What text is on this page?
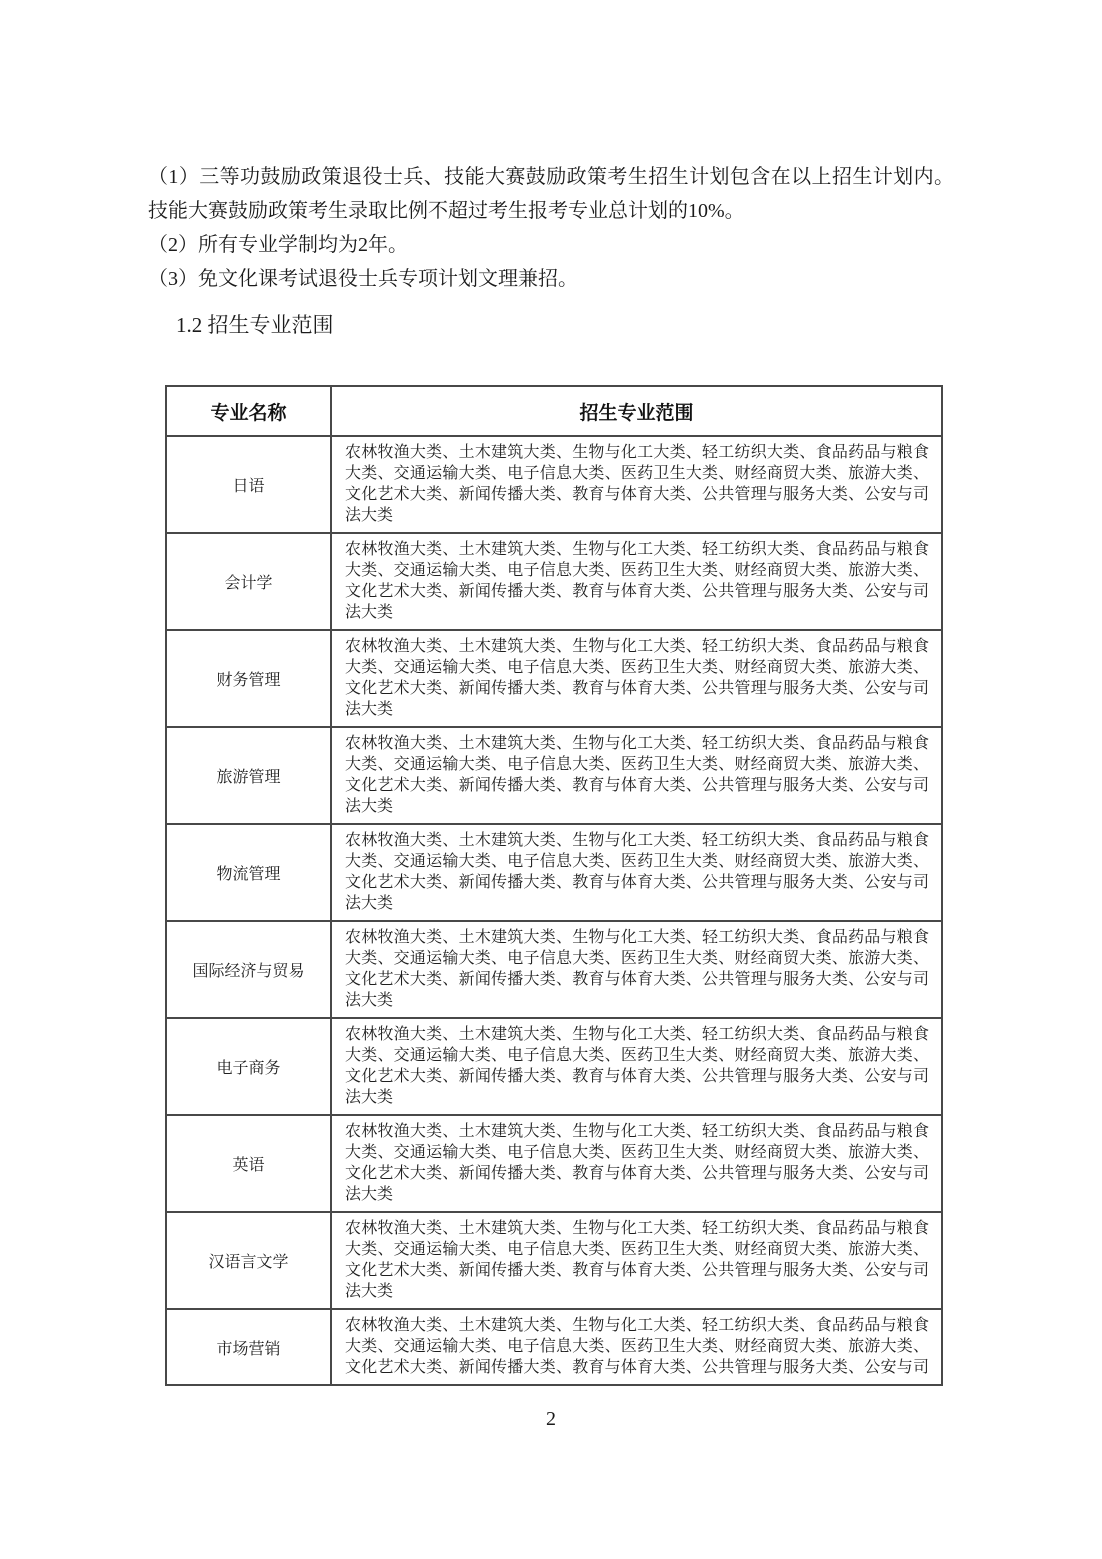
（1）三等功鼓励政策退役士兵、技能大赛鼓励政策考生招生计划包含在以上招生计划内。技能大赛鼓励政策考生录取比例不超过考生报考专业总计划的10%。

（2）所有专业学制均为2年。

（3）免文化课考试退役士兵专项计划文理兼招。

1.2 招生专业范围
专业名称	招生专业范围
日语	农林牧渔大类、土木建筑大类、生物与化工大类、轻工纺织大类、食品药品与粮食
大类、交通运输大类、电子信息大类、医药卫生大类、财经商贸大类、旅游大类、
文化艺术大类、新闻传播大类、教育与体育大类、公共管理与服务大类、公安与司
法大类

会计学	农林牧渔大类、土木建筑大类、生物与化工大类、轻工纺织大类、食品药品与粮食
大类、交通运输大类、电子信息大类、医药卫生大类、财经商贸大类、旅游大类、
文化艺术大类、新闻传播大类、教育与体育大类、公共管理与服务大类、公安与司
法大类

财务管理	农林牧渔大类、土木建筑大类、生物与化工大类、轻工纺织大类、食品药品与粮食
大类、交通运输大类、电子信息大类、医药卫生大类、财经商贸大类、旅游大类、
文化艺术大类、新闻传播大类、教育与体育大类、公共管理与服务大类、公安与司
法大类

旅游管理	农林牧渔大类、土木建筑大类、生物与化工大类、轻工纺织大类、食品药品与粮食
大类、交通运输大类、电子信息大类、医药卫生大类、财经商贸大类、旅游大类、
文化艺术大类、新闻传播大类、教育与体育大类、公共管理与服务大类、公安与司
法大类

物流管理	农林牧渔大类、土木建筑大类、生物与化工大类、轻工纺织大类、食品药品与粮食
大类、交通运输大类、电子信息大类、医药卫生大类、财经商贸大类、旅游大类、
文化艺术大类、新闻传播大类、教育与体育大类、公共管理与服务大类、公安与司
法大类

国际经济与贸易	农林牧渔大类、土木建筑大类、生物与化工大类、轻工纺织大类、食品药品与粮食
大类、交通运输大类、电子信息大类、医药卫生大类、财经商贸大类、旅游大类、
文化艺术大类、新闻传播大类、教育与体育大类、公共管理与服务大类、公安与司
法大类

电子商务	农林牧渔大类、土木建筑大类、生物与化工大类、轻工纺织大类、食品药品与粮食
大类、交通运输大类、电子信息大类、医药卫生大类、财经商贸大类、旅游大类、
文化艺术大类、新闻传播大类、教育与体育大类、公共管理与服务大类、公安与司
法大类

英语	农林牧渔大类、土木建筑大类、生物与化工大类、轻工纺织大类、食品药品与粮食
大类、交通运输大类、电子信息大类、医药卫生大类、财经商贸大类、旅游大类、
文化艺术大类、新闻传播大类、教育与体育大类、公共管理与服务大类、公安与司
法大类

汉语言文学	农林牧渔大类、土木建筑大类、生物与化工大类、轻工纺织大类、食品药品与粮食
大类、交通运输大类、电子信息大类、医药卫生大类、财经商贸大类、旅游大类、
文化艺术大类、新闻传播大类、教育与体育大类、公共管理与服务大类、公安与司
法大类

市场营销	农林牧渔大类、土木建筑大类、生物与化工大类、轻工纺织大类、食品药品与粮食
大类、交通运输大类、电子信息大类、医药卫生大类、财经商贸大类、旅游大类、
文化艺术大类、新闻传播大类、教育与体育大类、公共管理与服务大类、公安与司
2
